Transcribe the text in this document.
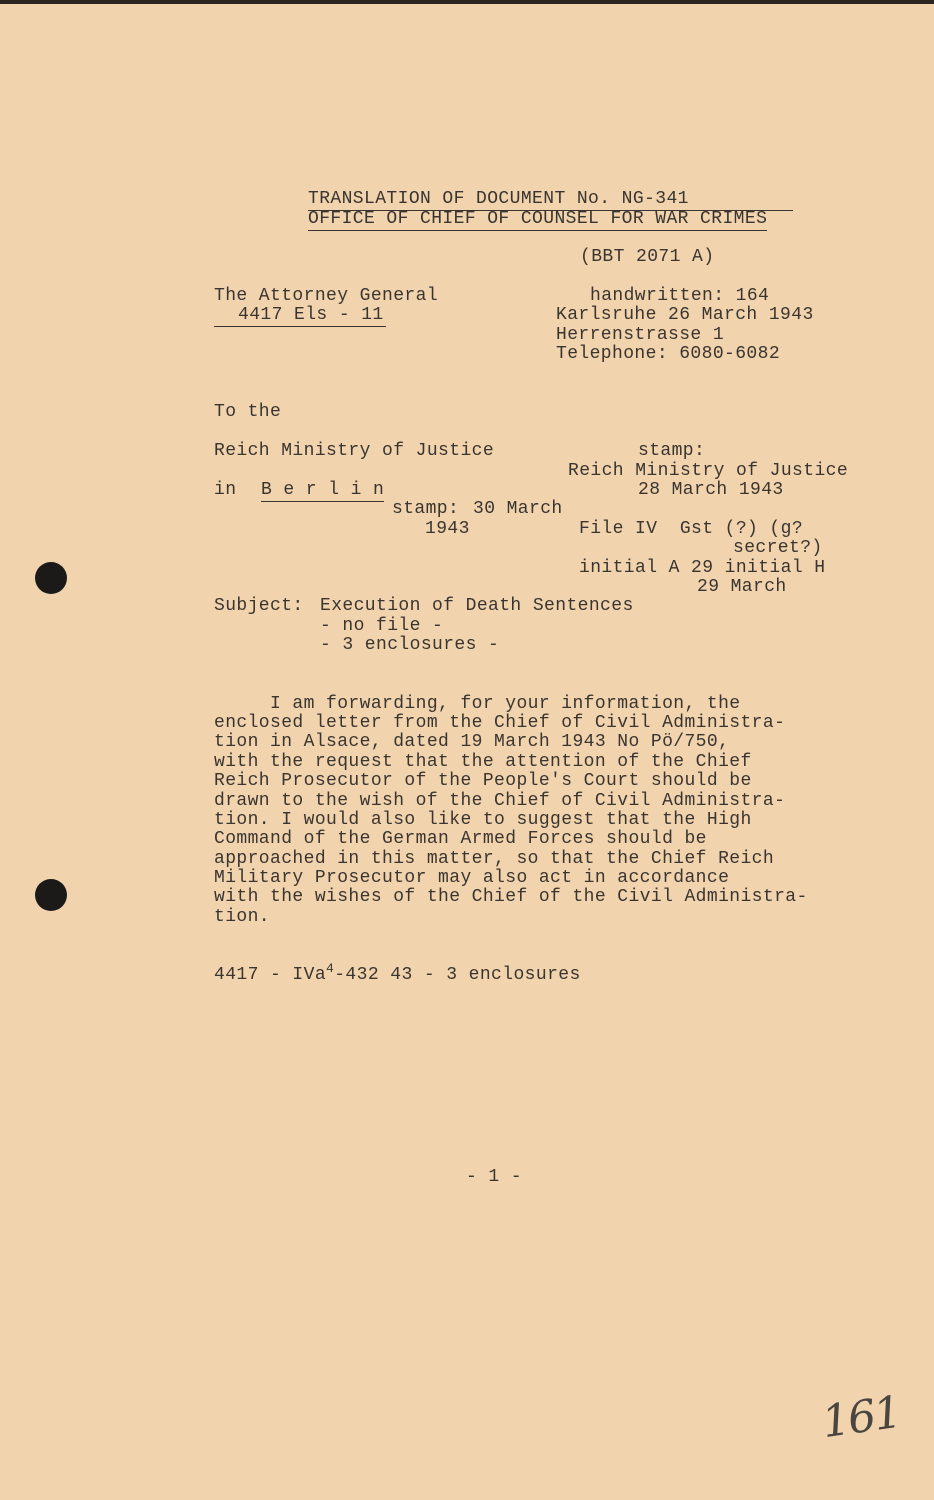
TRANSLATION OF DOCUMENT No. NG-341
OFFICE OF CHIEF OF COUNSEL FOR WAR CRIMES
(BBT 2071 A)
The Attorney General
4417 Els - 11
handwritten: 164
Karlsruhe 26 March 1943
Herrenstrasse 1
Telephone: 6080-6082
To the
Reich Ministry of Justice
in B e r l i n
stamp: 30 March
1943
stamp:
Reich Ministry of Justice
28 March 1943
File IV  Gst (?) (g?
secret?)
initial A 29 initial H
29 March
Subject: Execution of Death Sentences
- no file -
- 3 enclosures -
I am forwarding, for your information, the
enclosed letter from the Chief of Civil Administra-
tion in Alsace, dated 19 March 1943 No Pö/750,
with the request that the attention of the Chief
Reich Prosecutor of the People's Court should be
drawn to the wish of the Chief of Civil Administra-
tion. I would also like to suggest that the High
Command of the German Armed Forces should be
approached in this matter, so that the Chief Reich
Military Prosecutor may also act in accordance
with the wishes of the Chief of the Civil Administra-
tion.
4417 - IVa$^4$-432 43 - 3 enclosures
- 1 -
161
